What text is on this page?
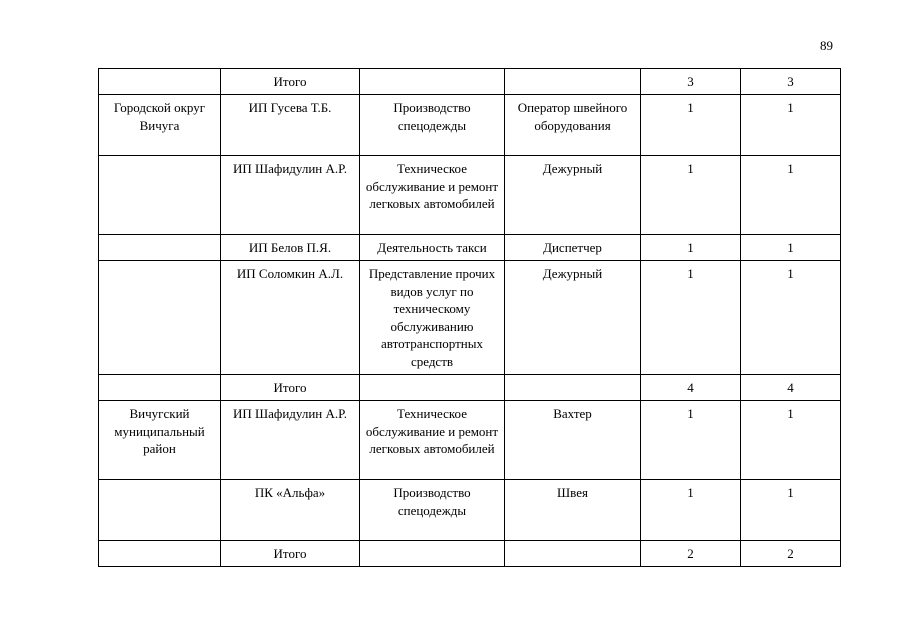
89
	Итого			3	3
Городской округ Вичуга	ИП Гусева Т.Б.	Производство спецодежды	Оператор швейного оборудования	1	1
	ИП Шафидулин А.Р.	Техническое обслуживание и ремонт легковых автомобилей	Дежурный	1	1
	ИП Белов П.Я.	Деятельность такси	Диспетчер	1	1
	ИП Соломкин А.Л.	Представление прочих видов услуг по техническому обслуживанию автотранспортных средств	Дежурный	1	1
	Итого			4	4
Вичугский муниципальный район	ИП Шафидулин А.Р.	Техническое обслуживание и ремонт легковых автомобилей	Вахтер	1	1
	ПК «Альфа»	Производство спецодежды	Швея	1	1
	Итого			2	2
